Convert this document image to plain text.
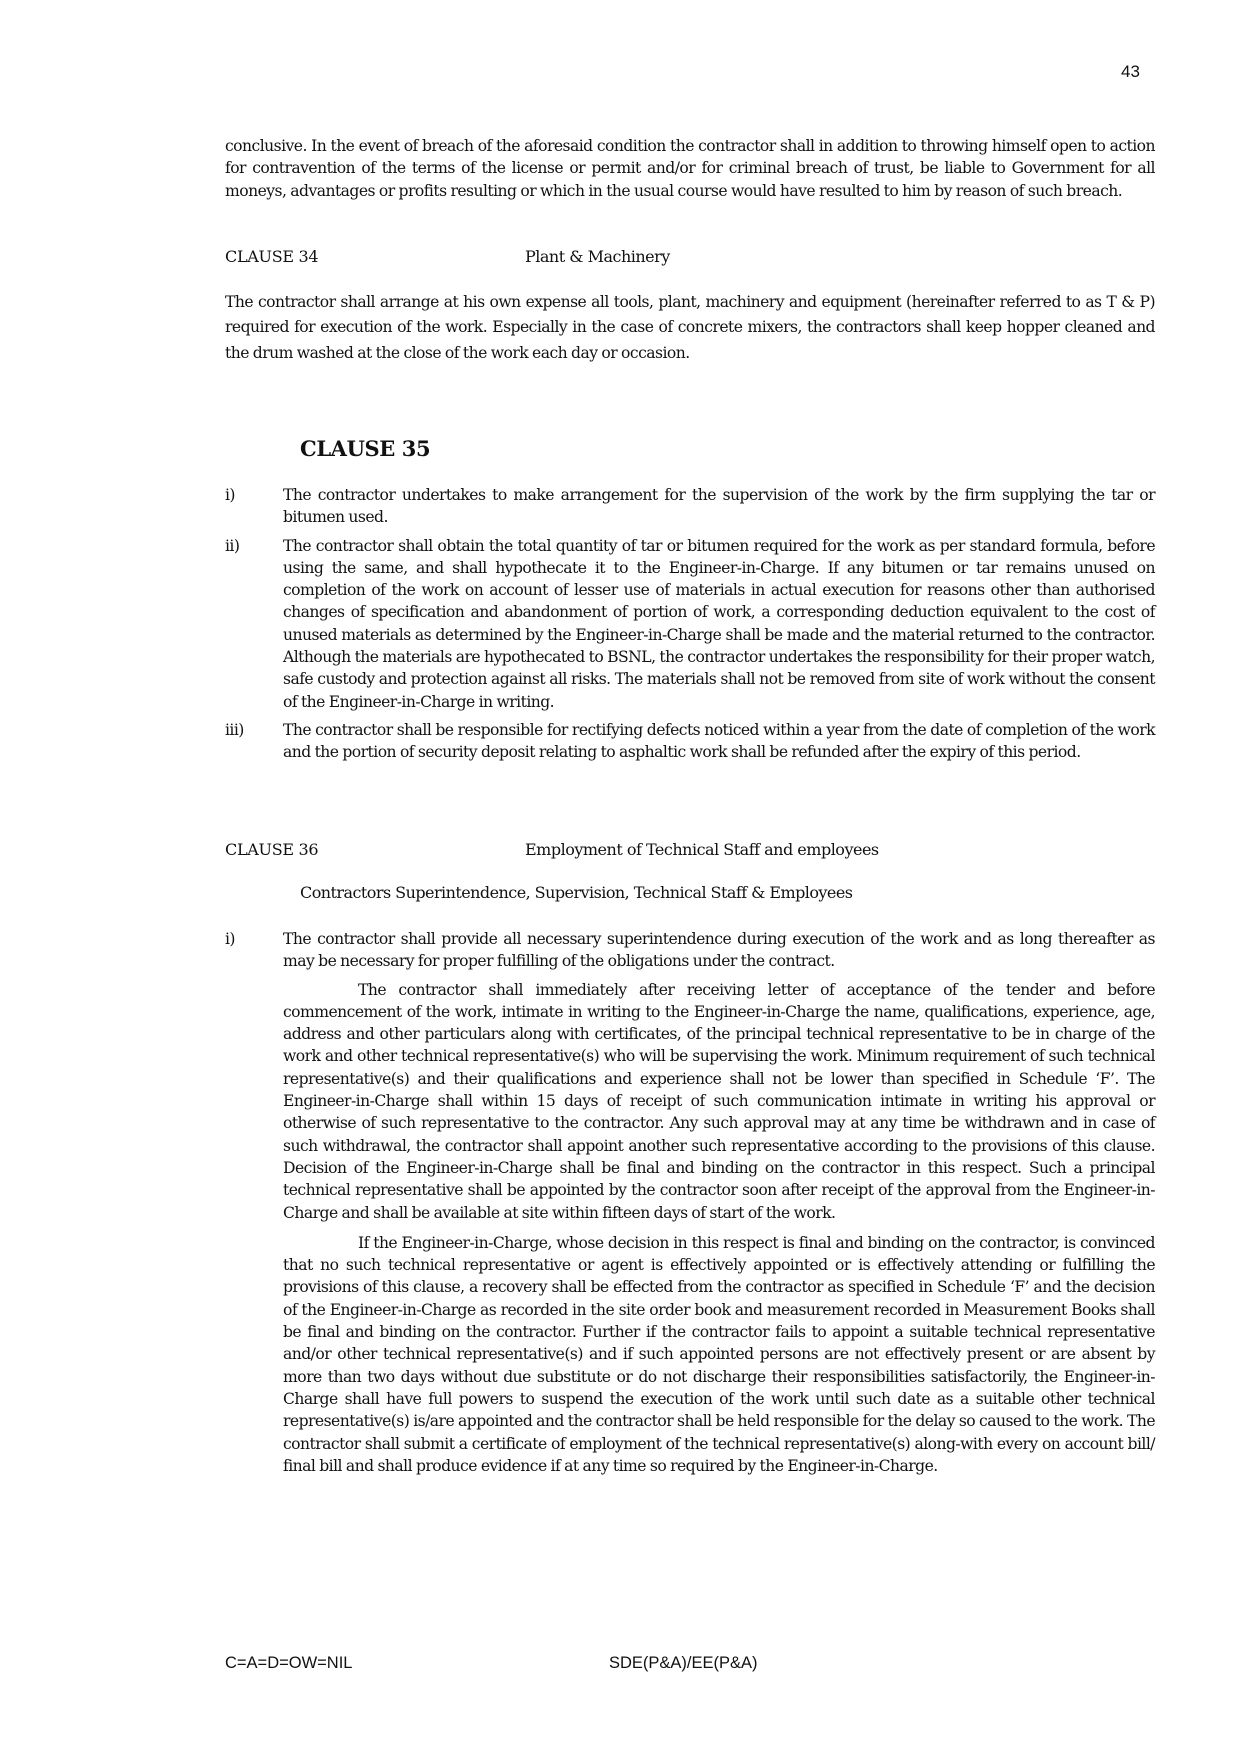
43

conclusive. In the event of breach of the aforesaid condition the contractor shall in addition to throwing himself open to action for contravention of the terms of the license or permit and/or for criminal breach of trust, be liable to Government for all moneys, advantages or profits resulting or which in the usual course would have resulted to him by reason of such breach.

CLAUSE 34	Plant & Machinery

The contractor shall arrange at his own expense all tools, plant, machinery and equipment (hereinafter referred to as T & P) required for execution of the work. Especially in the case of concrete mixers, the contractors shall keep hopper cleaned and the drum washed at the close of the work each day or occasion.

CLAUSE 35
i)	The contractor undertakes to make arrangement for the supervision of the work by the firm supplying the tar or bitumen used.
ii)	The contractor shall obtain the total quantity of tar or bitumen required for the work as per standard formula, before using the same, and shall hypothecate it to the Engineer-in-Charge. If any bitumen or tar remains unused on completion of the work on account of lesser use of materials in actual execution for reasons other than authorised changes of specification and abandonment of portion of work, a corresponding deduction equivalent to the cost of unused materials as determined by the Engineer-in-Charge shall be made and the material returned to the contractor. Although the materials are hypothecated to BSNL, the contractor undertakes the responsibility for their proper watch, safe custody and protection against all risks. The materials shall not be removed from site of work without the consent of the Engineer-in-Charge in writing.
iii)	The contractor shall be responsible for rectifying defects noticed within a year from the date of completion of the work and the portion of security deposit relating to asphaltic work shall be refunded after the expiry of this period.
CLAUSE 36	Employment of Technical Staff and employees
Contractors Superintendence, Supervision, Technical Staff & Employees
i)	The contractor shall provide all necessary superintendence during execution of the work and as long thereafter as may be necessary for proper fulfilling of the obligations under the contract.
The contractor shall immediately after receiving letter of acceptance of the tender and before commencement of the work, intimate in writing to the Engineer-in-Charge the name, qualifications, experience, age, address and other particulars along with certificates, of the principal technical representative to be in charge of the work and other technical representative(s) who will be supervising the work. Minimum requirement of such technical representative(s) and their qualifications and experience shall not be lower than specified in Schedule ‘F’. The Engineer-in-Charge shall within 15 days of receipt of such communication intimate in writing his approval or otherwise of such representative to the contractor. Any such approval may at any time be withdrawn and in case of such withdrawal, the contractor shall appoint another such representative according to the provisions of this clause. Decision of the Engineer-in-Charge shall be final and binding on the contractor in this respect. Such a principal technical representative shall be appointed by the contractor soon after receipt of the approval from the Engineer-in-Charge and shall be available at site within fifteen days of start of the work.
If the Engineer-in-Charge, whose decision in this respect is final and binding on the contractor, is convinced that no such technical representative or agent is effectively appointed or is effectively attending or fulfilling the provisions of this clause, a recovery shall be effected from the contractor as specified in Schedule ‘F’ and the decision of the Engineer-in-Charge as recorded in the site order book and measurement recorded in Measurement Books shall be final and binding on the contractor. Further if the contractor fails to appoint a suitable technical representative and/or other technical representative(s) and if such appointed persons are not effectively present or are absent by more than two days without due substitute or do not discharge their responsibilities satisfactorily, the Engineer-in-Charge shall have full powers to suspend the execution of the work until such date as a suitable other technical representative(s) is/are appointed and the contractor shall be held responsible for the delay so caused to the work. The contractor shall submit a certificate of employment of the technical representative(s) along-with every on account bill/ final bill and shall produce evidence if at any time so required by the Engineer-in-Charge.
C=A=D=OW=NIL	SDE(P&A)/EE(P&A)
